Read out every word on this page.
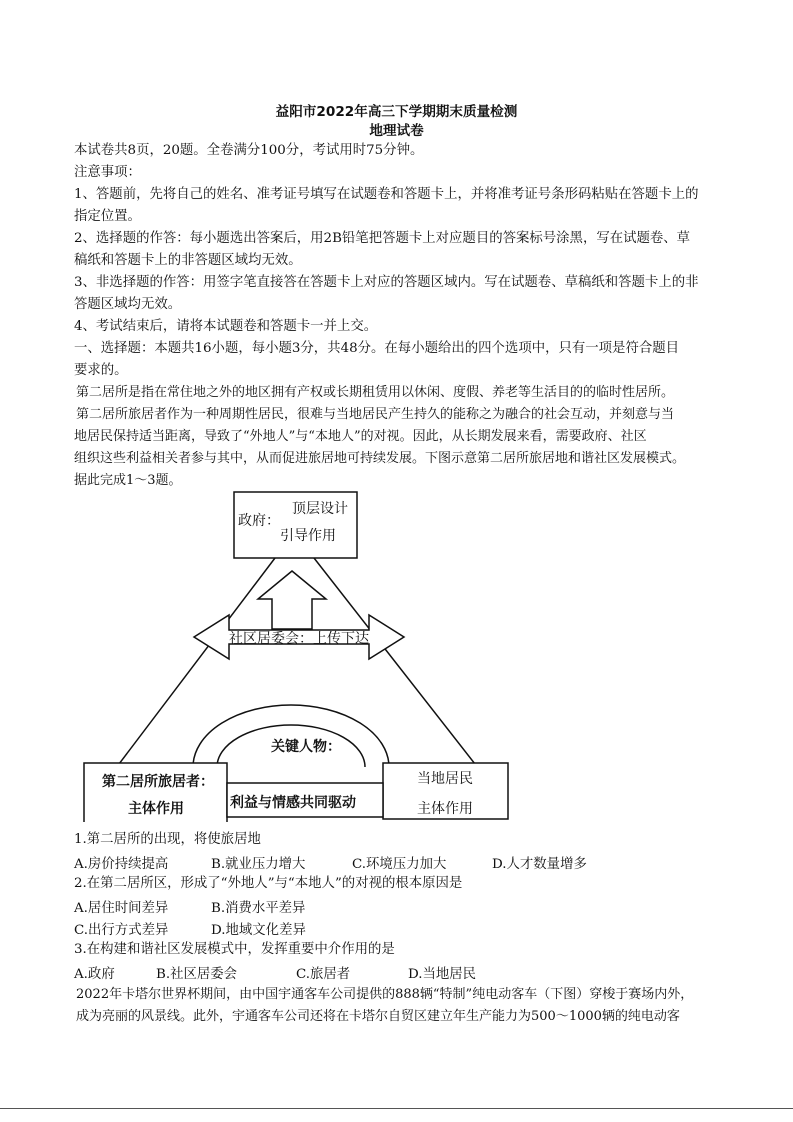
益阳市2022年高三下学期期末质量检测
地理试卷
本试卷共8页，20题。全卷满分100分，考试用时75分钟。
注意事项：
1、答题前，先将自己的姓名、准考证号填写在试题卷和答题卡上，并将准考证号条形码粘贴在答题卡上的
指定位置。
2、选择题的作答：每小题选出答案后，用2B铅笔把答题卡上对应题目的答案标号涂黑，写在试题卷、草
稿纸和答题卡上的非答题区域均无效。
3、非选择题的作答：用签字笔直接答在答题卡上对应的答题区域内。写在试题卷、草稿纸和答题卡上的非
答题区域均无效。
4、考试结束后，请将本试题卷和答题卡一并上交。
一、选择题：本题共16小题，每小题3分，共48分。在每小题给出的四个选项中，只有一项是符合题目
要求的。
第二居所是指在常住地之外的地区拥有产权或长期租赁用以休闲、度假、养老等生活目的的临时性居所。
第二居所旅居者作为一种周期性居民，很难与当地居民产生持久的能称之为融合的社会互动，并刻意与当
地居民保持适当距离，导致了“外地人”与“本地人”的对视。因此，从长期发展来看，需要政府、社区
组织这些利益相关者参与其中，从而促进旅居地可持续发展。下图示意第二居所旅居地和谐社区发展模式。
据此完成1～3题。
顶层设计
政府：
引导作用
社区居委会：上传下达
关键人物：
利益与情感共同驱动
第二居所旅居者：
主体作用
当地居民
主体作用
1.第二居所的出现，将使旅居地
A.房价持续提高	B.就业压力增大	C.环境压力加大	D.人才数量增多
2.在第二居所区，形成了“外地人”与“本地人”的对视的根本原因是
A.居住时间差异	B.消费水平差异
C.出行方式差异	D.地域文化差异
3.在构建和谐社区发展模式中，发挥重要中介作用的是
A.政府	B.社区居委会	C.旅居者	D.当地居民
2022年卡塔尔世界杯期间，由中国宇通客车公司提供的888辆“特制”纯电动客车（下图）穿梭于赛场内外，
成为亮丽的风景线。此外，宇通客车公司还将在卡塔尔自贸区建立年生产能力为500～1000辆的纯电动客
